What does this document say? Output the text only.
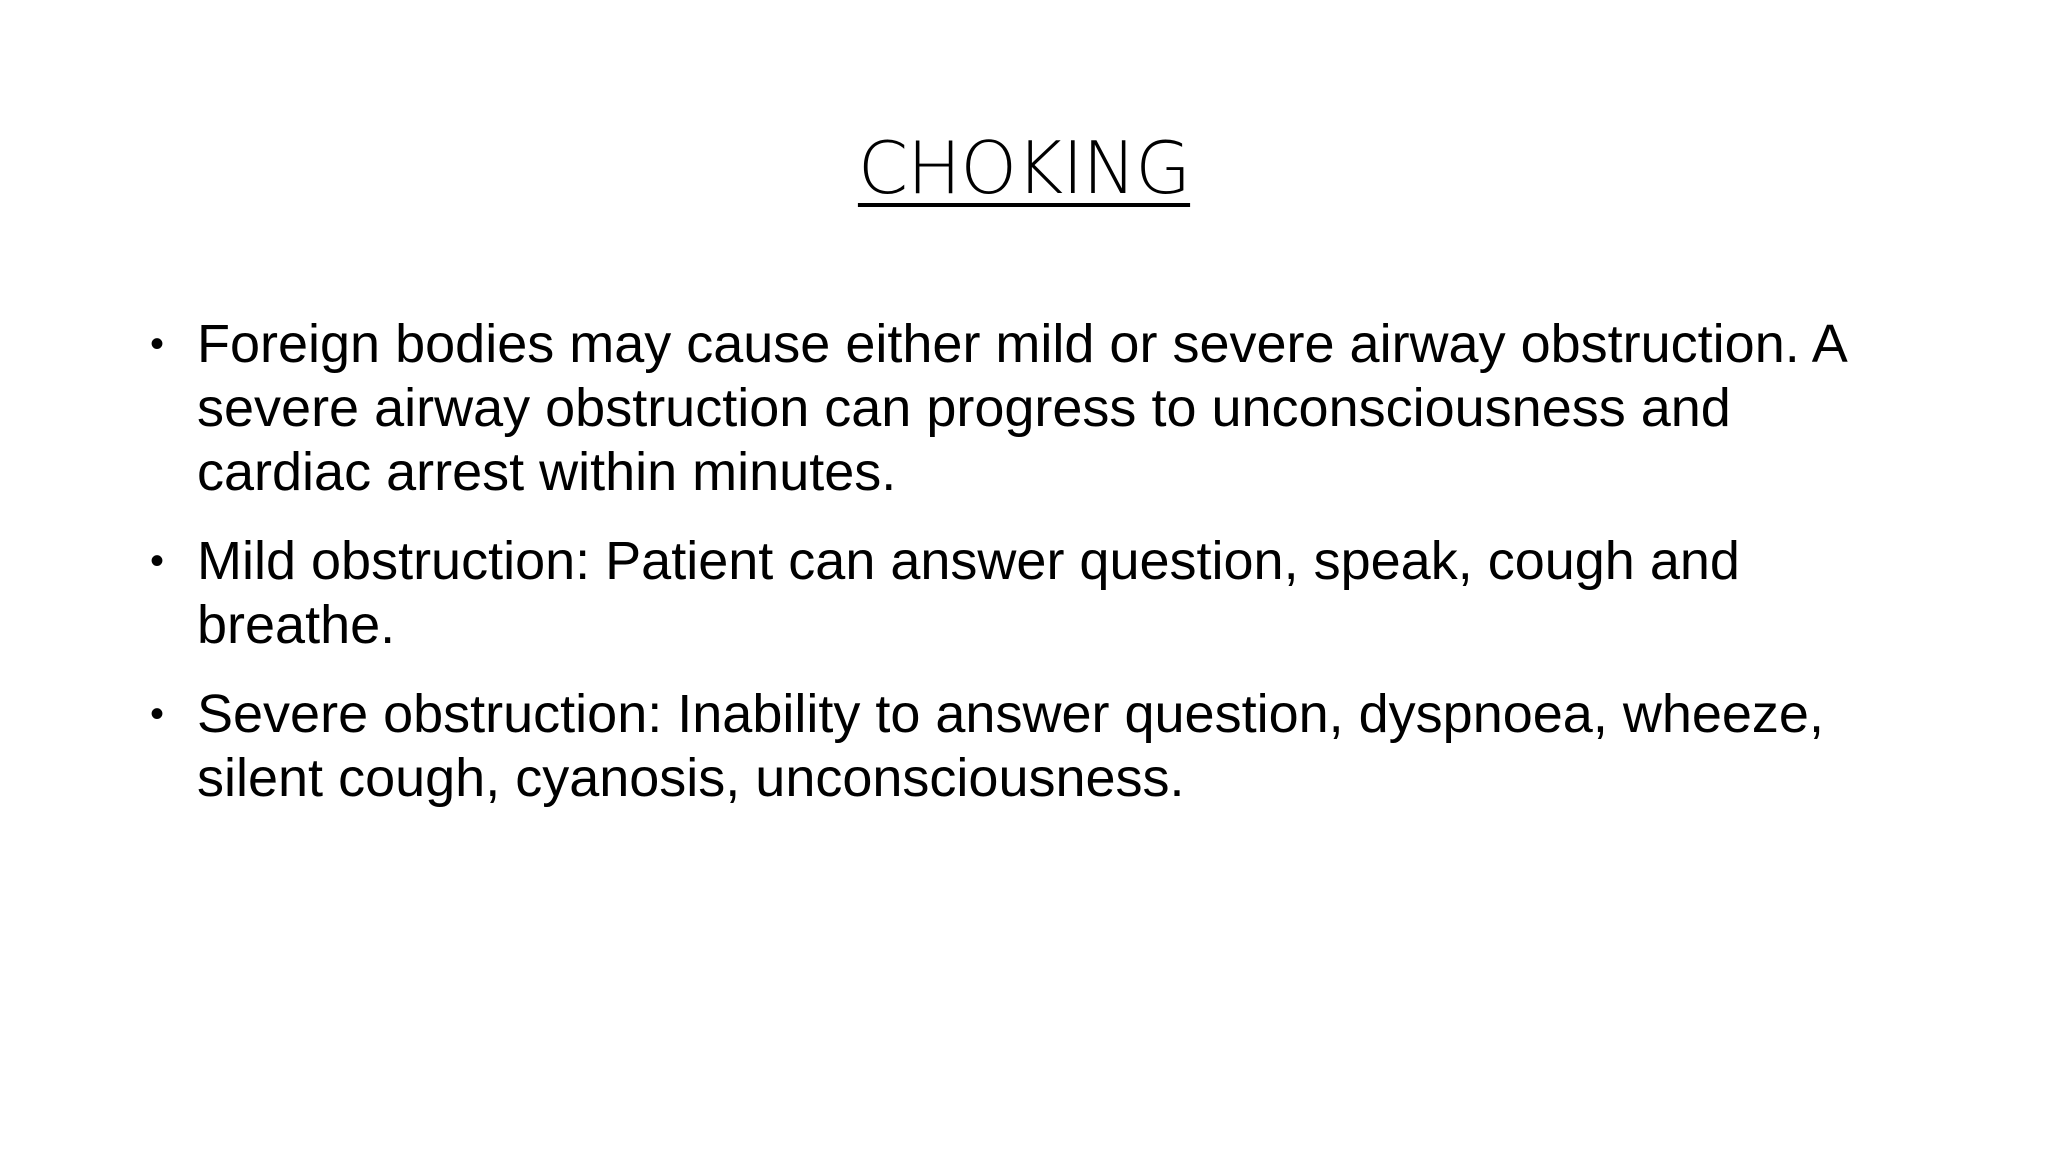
CHOKING
• Foreign bodies may cause either mild or severe airway obstruction. A severe airway obstruction can progress to unconsciousness and cardiac arrest within minutes.
• Mild obstruction: Patient can answer question, speak, cough and breathe.
• Severe obstruction: Inability to answer question, dyspnoea, wheeze, silent cough, cyanosis, unconsciousness.
